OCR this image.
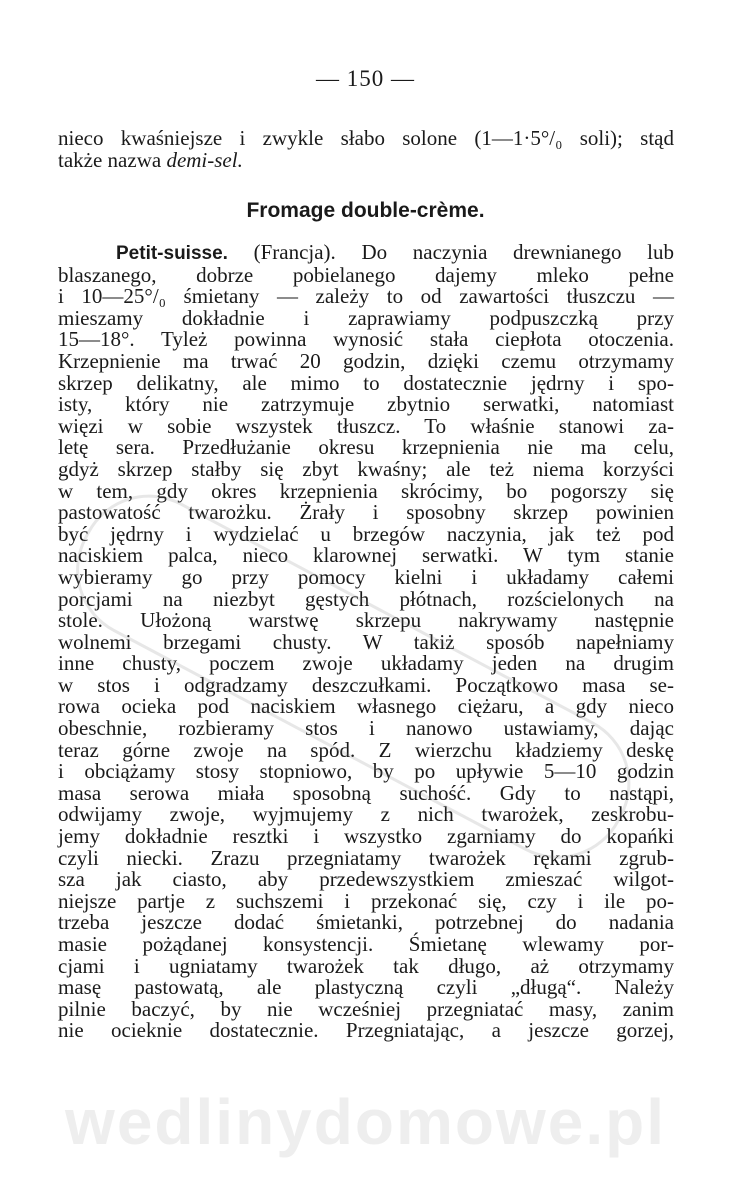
— 150 —
nieco kwaśniejsze i zwykle słabo solone (1—1·5°/₀ soli); stąd
także nazwa demi-sel.
Fromage double-crème.
Petit-suisse. (Francja). Do naczynia drewnianego lub
blaszanego, dobrze pobielanego dajemy mleko pełne
i 10—25°/₀ śmietany — zależy to od zawartości tłuszczu —
mieszamy dokładnie i zaprawiamy podpuszczką przy
15—18°. Tyleż powinna wynosić stała ciepłota otoczenia.
Krzepnienie ma trwać 20 godzin, dzięki czemu otrzymamy
skrzep delikatny, ale mimo to dostatecznie jędrny i spo-
isty, który nie zatrzymuje zbytnio serwatki, natomiast
więzi w sobie wszystek tłuszcz. To właśnie stanowi za-
letę sera. Przedłużanie okresu krzepnienia nie ma celu,
gdyż skrzep stałby się zbyt kwaśny; ale też niema korzyści
w tem, gdy okres krzepnienia skrócimy, bo pogorszy się
pastowatość twarożku. Żrały i sposobny skrzep powinien
być jędrny i wydzielać u brzegów naczynia, jak też pod
naciskiem palca, nieco klarownej serwatki. W tym stanie
wybieramy go przy pomocy kielni i układamy całemi
porcjami na niezbyt gęstych płótnach, rozścielonych na
stole. Ułożoną warstwę skrzepu nakrywamy następnie
wolnemi brzegami chusty. W takiż sposób napełniamy
inne chusty, poczem zwoje układamy jeden na drugim
w stos i odgradzamy deszczułkami. Początkowo masa se-
rowa ocieka pod naciskiem własnego ciężaru, a gdy nieco
obeschnie, rozbieramy stos i nanowo ustawiamy, dając
teraz górne zwoje na spód. Z wierzchu kładziemy deskę
i obciążamy stosy stopniowo, by po upływie 5—10 godzin
masa serowa miała sposobną suchość. Gdy to nastąpi,
odwijamy zwoje, wyjmujemy z nich twarożek, zeskrobu-
jemy dokładnie resztki i wszystko zgarniamy do kopańki
czyli niecki. Zrazu przegniatamy twarożek rękami zgrub-
sza jak ciasto, aby przedewszystkiem zmieszać wilgot-
niejsze partje z suchszemi i przekonać się, czy i ile po-
trzeba jeszcze dodać śmietanki, potrzebnej do nadania
masie pożądanej konsystencji. Śmietanę wlewamy por-
cjami i ugniatamy twarożek tak długo, aż otrzymamy
masę pastowatą, ale plastyczną czyli „długą“. Należy
pilnie baczyć, by nie wcześniej przegniatać masy, zanim
nie ocieknie dostatecznie. Przegniatając, a jeszcze gorzej,
wedlinydomowe.pl
